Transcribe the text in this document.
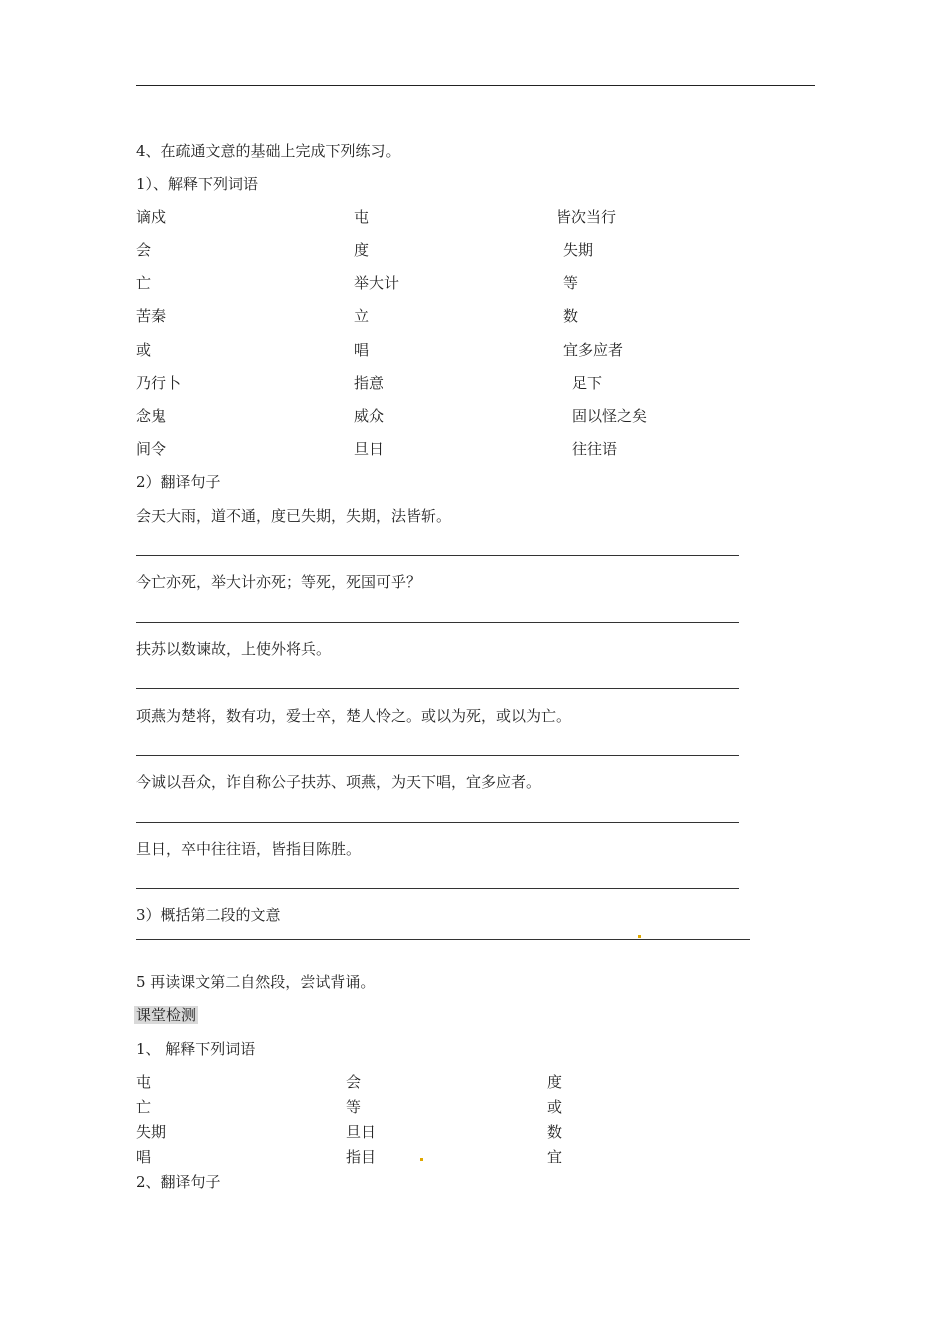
4、在疏通文意的基础上完成下列练习。
1）、解释下列词语
谪戍	屯	皆次当行
会	度	失期
亡	举大计	等
苦秦	立	数
或	唱	宜多应者
乃行卜	指意	足下
念鬼	威众	固以怪之矣
间令	旦日	往往语
2）翻译句子
会天大雨，道不通，度已失期，失期，法皆斩。
今亡亦死，举大计亦死；等死，死国可乎？
扶苏以数谏故，上使外将兵。
项燕为楚将，数有功，爱士卒，楚人怜之。或以为死，或以为亡。
今诚以吾众，诈自称公子扶苏、项燕，为天下唱，宜多应者。
旦日，卒中往往语，皆指目陈胜。
3）概括第二段的文意
5 再读课文第二自然段，尝试背诵。
课堂检测
1、 解释下列词语
屯	会	度
亡	等	或
失期	旦日	数
唱	指目	宜
2、翻译句子
